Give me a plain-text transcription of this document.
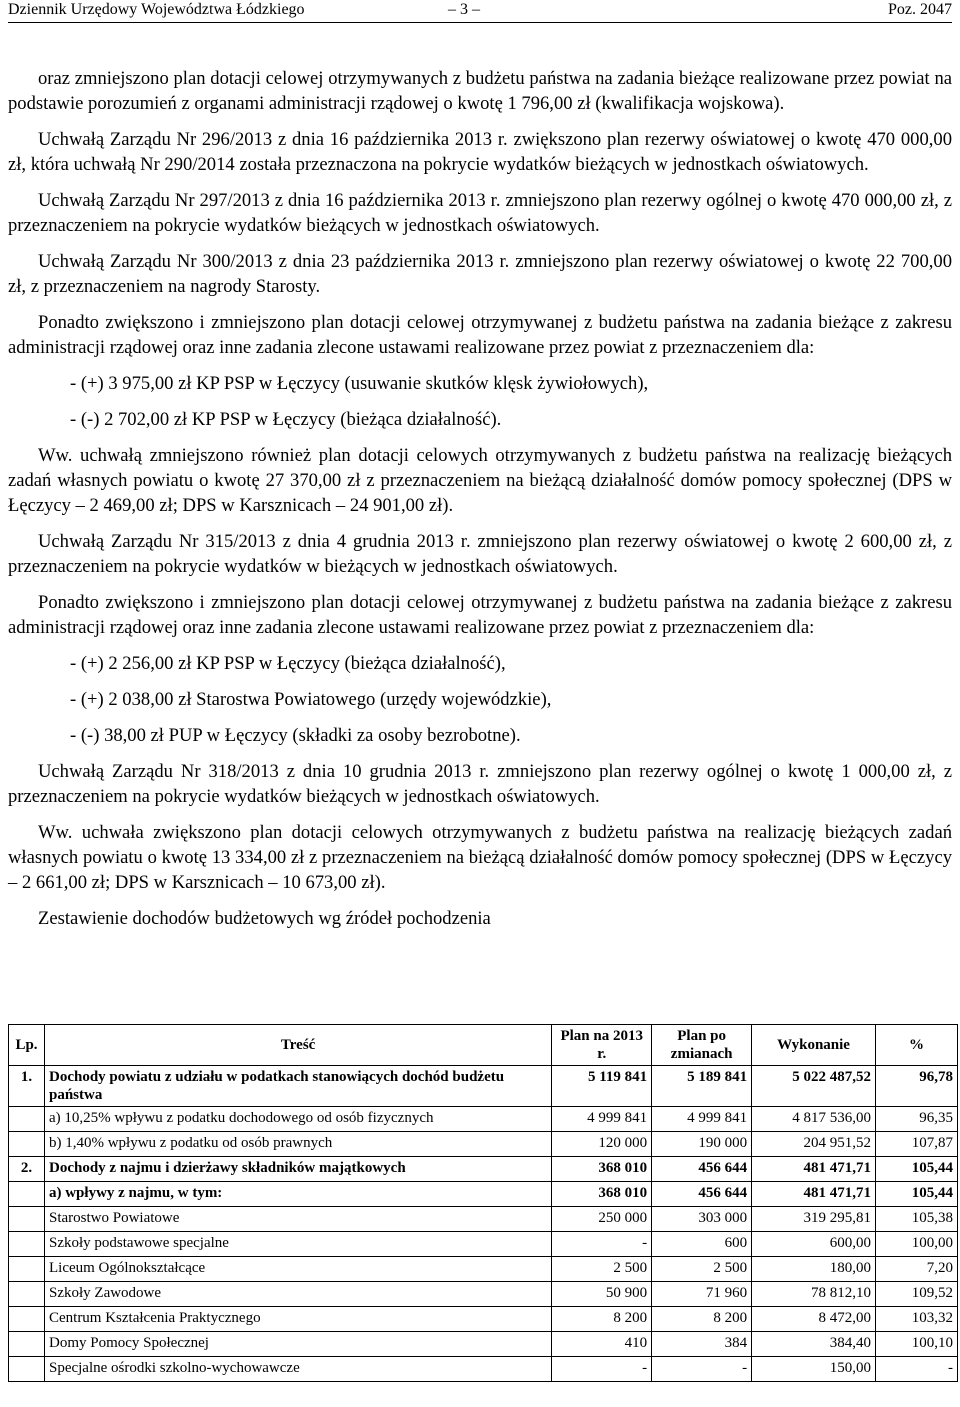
Dziennik Urzędowy Województwa Łódzkiego	– 3 –	Poz. 2047

oraz zmniejszono plan dotacji celowej otrzymywanych z budżetu państwa na zadania bieżące realizowane przez powiat na podstawie porozumień z organami administracji rządowej o kwotę 1 796,00 zł (kwalifikacja wojskowa).

Uchwałą Zarządu Nr 296/2013 z dnia 16 października 2013 r. zwiększono plan rezerwy oświatowej o kwotę 470 000,00 zł, która uchwałą Nr 290/2014 została przeznaczona na pokrycie wydatków bieżących w jednostkach oświatowych.

Uchwałą Zarządu Nr 297/2013 z dnia 16 października 2013 r. zmniejszono plan rezerwy ogólnej o kwotę 470 000,00 zł, z przeznaczeniem na pokrycie wydatków bieżących w jednostkach oświatowych.

Uchwałą Zarządu Nr 300/2013 z dnia 23 października 2013 r. zmniejszono plan rezerwy oświatowej o kwotę 22 700,00 zł, z przeznaczeniem na nagrody Starosty.

Ponadto zwiększono i zmniejszono plan dotacji celowej otrzymywanej z budżetu państwa na zadania bieżące z zakresu administracji rządowej oraz inne zadania zlecone ustawami realizowane przez powiat z przeznaczeniem dla:

- (+) 3 975,00 zł KP PSP w Łęczycy (usuwanie skutków klęsk żywiołowych),

- (-) 2 702,00 zł KP PSP w Łęczycy (bieżąca działalność).

Ww. uchwałą zmniejszono również plan dotacji celowych otrzymywanych z budżetu państwa na realizację bieżących zadań własnych powiatu o kwotę 27 370,00 zł z przeznaczeniem na bieżącą działalność domów pomocy społecznej (DPS w Łęczycy – 2 469,00 zł; DPS w Karsznicach – 24 901,00 zł).

Uchwałą Zarządu Nr 315/2013 z dnia 4 grudnia 2013 r. zmniejszono plan rezerwy oświatowej o kwotę 2 600,00 zł, z przeznaczeniem na pokrycie wydatków w bieżących w jednostkach oświatowych.

Ponadto zwiększono i zmniejszono plan dotacji celowej otrzymywanej z budżetu państwa na zadania bieżące z zakresu administracji rządowej oraz inne zadania zlecone ustawami realizowane przez powiat z przeznaczeniem dla:

- (+) 2 256,00 zł KP PSP w Łęczycy (bieżąca działalność),

- (+) 2 038,00 zł Starostwa Powiatowego (urzędy wojewódzkie),

- (-) 38,00 zł PUP w Łęczycy (składki za osoby bezrobotne).

Uchwałą Zarządu Nr 318/2013 z dnia 10 grudnia 2013 r. zmniejszono plan rezerwy ogólnej o kwotę 1 000,00 zł, z przeznaczeniem na pokrycie wydatków bieżących w jednostkach oświatowych.

Ww. uchwała zwiększono plan dotacji celowych otrzymywanych z budżetu państwa na realizację bieżących zadań własnych powiatu o kwotę 13 334,00 zł z przeznaczeniem na bieżącą działalność domów pomocy społecznej (DPS w Łęczycy – 2 661,00 zł; DPS w Karsznicach – 10 673,00 zł).

Zestawienie dochodów budżetowych wg źródeł pochodzenia

Lp.	Treść	Plan na 2013 r.	Plan po zmianach	Wykonanie	%
1.	Dochody powiatu z udziału w podatkach stanowiących dochód budżetu państwa	5 119 841	5 189 841	5 022 487,52	96,78
	a) 10,25% wpływu z podatku dochodowego od osób fizycznych	4 999 841	4 999 841	4 817 536,00	96,35
	b) 1,40% wpływu z podatku od osób prawnych	120 000	190 000	204 951,52	107,87
2.	Dochody z najmu i dzierżawy składników majątkowych	368 010	456 644	481 471,71	105,44
	a) wpływy z najmu, w tym:	368 010	456 644	481 471,71	105,44
	Starostwo Powiatowe	250 000	303 000	319 295,81	105,38
	Szkoły podstawowe specjalne	-	600	600,00	100,00
	Liceum Ogólnokształcące	2 500	2 500	180,00	7,20
	Szkoły Zawodowe	50 900	71 960	78 812,10	109,52
	Centrum Kształcenia Praktycznego	8 200	8 200	8 472,00	103,32
	Domy Pomocy Społecznej	410	384	384,40	100,10
	Specjalne ośrodki szkolno-wychowawcze	-	-	150,00	-
